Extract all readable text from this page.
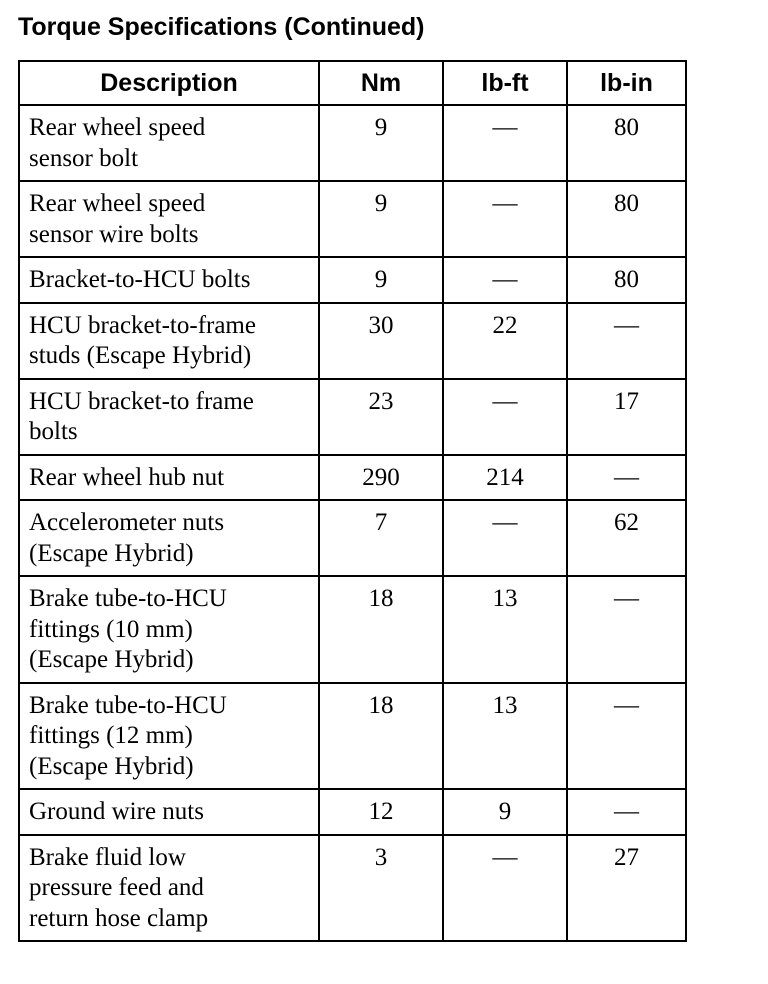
Torque Specifications (Continued)
Description	Nm	lb-ft	lb-in

Rear wheel speed
sensor bolt	9	—	80

Rear wheel speed
sensor wire bolts	9	—	80

Bracket-to-HCU bolts	9	—	80

HCU bracket-to-frame
studs (Escape Hybrid)	30	22	—

HCU bracket-to frame
bolts	23	—	17

Rear wheel hub nut	290	214	—

Accelerometer nuts
(Escape Hybrid)	7	—	62

Brake tube-to-HCU
fittings (10 mm)
(Escape Hybrid)	18	13	—

Brake tube-to-HCU
fittings (12 mm)
(Escape Hybrid)	18	13	—

Ground wire nuts	12	9	—

Brake fluid low
pressure feed and
return hose clamp	3	—	27
